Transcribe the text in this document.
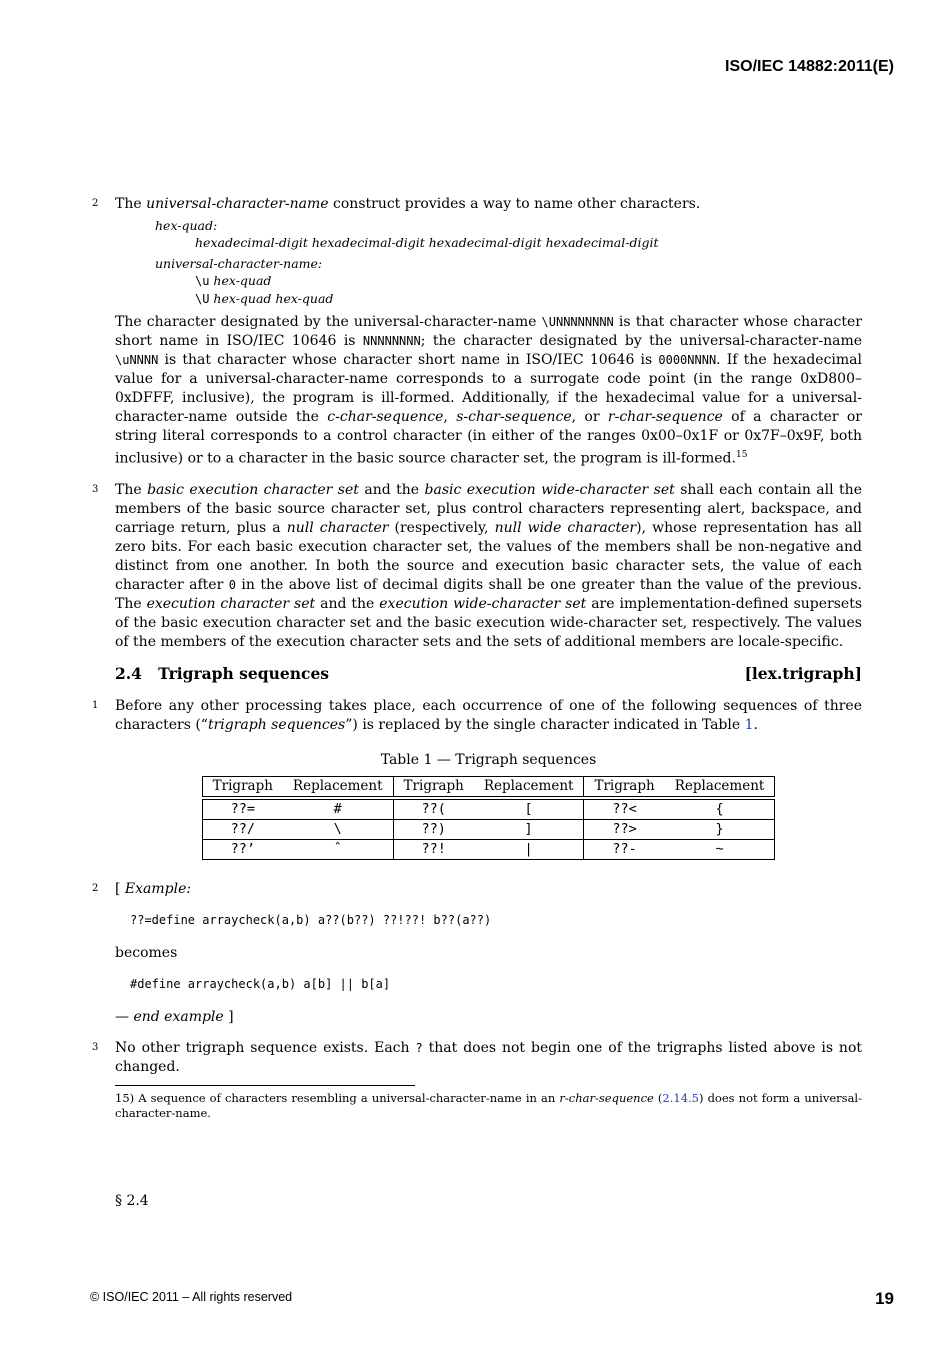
ISO/IEC 14882:2011(E)
2 The universal-character-name construct provides a way to name other characters.
hex-quad:
hexadecimal-digit hexadecimal-digit hexadecimal-digit hexadecimal-digit
universal-character-name:
\u hex-quad
\U hex-quad hex-quad
The character designated by the universal-character-name \UNNNNNNNN is that character whose character short name in ISO/IEC 10646 is NNNNNNNN; the character designated by the universal-character-name \uNNNN is that character whose character short name in ISO/IEC 10646 is 0000NNNN. If the hexadecimal value for a universal-character-name corresponds to a surrogate code point (in the range 0xD800–0xDFFF, inclusive), the program is ill-formed. Additionally, if the hexadecimal value for a universal-character-name outside the c-char-sequence, s-char-sequence, or r-char-sequence of a character or string literal corresponds to a control character (in either of the ranges 0x00–0x1F or 0x7F–0x9F, both inclusive) or to a character in the basic source character set, the program is ill-formed.$^{15}$
3 The basic execution character set and the basic execution wide-character set shall each contain all the members of the basic source character set, plus control characters representing alert, backspace, and carriage return, plus a null character (respectively, null wide character), whose representation has all zero bits. For each basic execution character set, the values of the members shall be non-negative and distinct from one another. In both the source and execution basic character sets, the value of each character after 0 in the above list of decimal digits shall be one greater than the value of the previous. The execution character set and the execution wide-character set are implementation-defined supersets of the basic execution character set and the basic execution wide-character set, respectively. The values of the members of the execution character sets and the sets of additional members are locale-specific.
2.4 Trigraph sequences	[lex.trigraph]
1 Before any other processing takes place, each occurrence of one of the following sequences of three characters (“trigraph sequences”) is replaced by the single character indicated in Table 1.
Table 1 — Trigraph sequences
Trigraph	Replacement	Trigraph	Replacement	Trigraph	Replacement

??=	#	??(	[	??<	{
??/	\	??)	]	??>	}
??’	ˆ	??!	|	??-	∼
2 [ Example:
??=define arraycheck(a,b) a??(b??) ??!??! b??(a??)
becomes
#define arraycheck(a,b) a[b] || b[a]
— end example ]
3 No other trigraph sequence exists. Each ? that does not begin one of the trigraphs listed above is not changed.
15) A sequence of characters resembling a universal-character-name in an r-char-sequence (2.14.5) does not form a universal-character-name.
§ 2.4
© ISO/IEC 2011 – All rights reserved	19
